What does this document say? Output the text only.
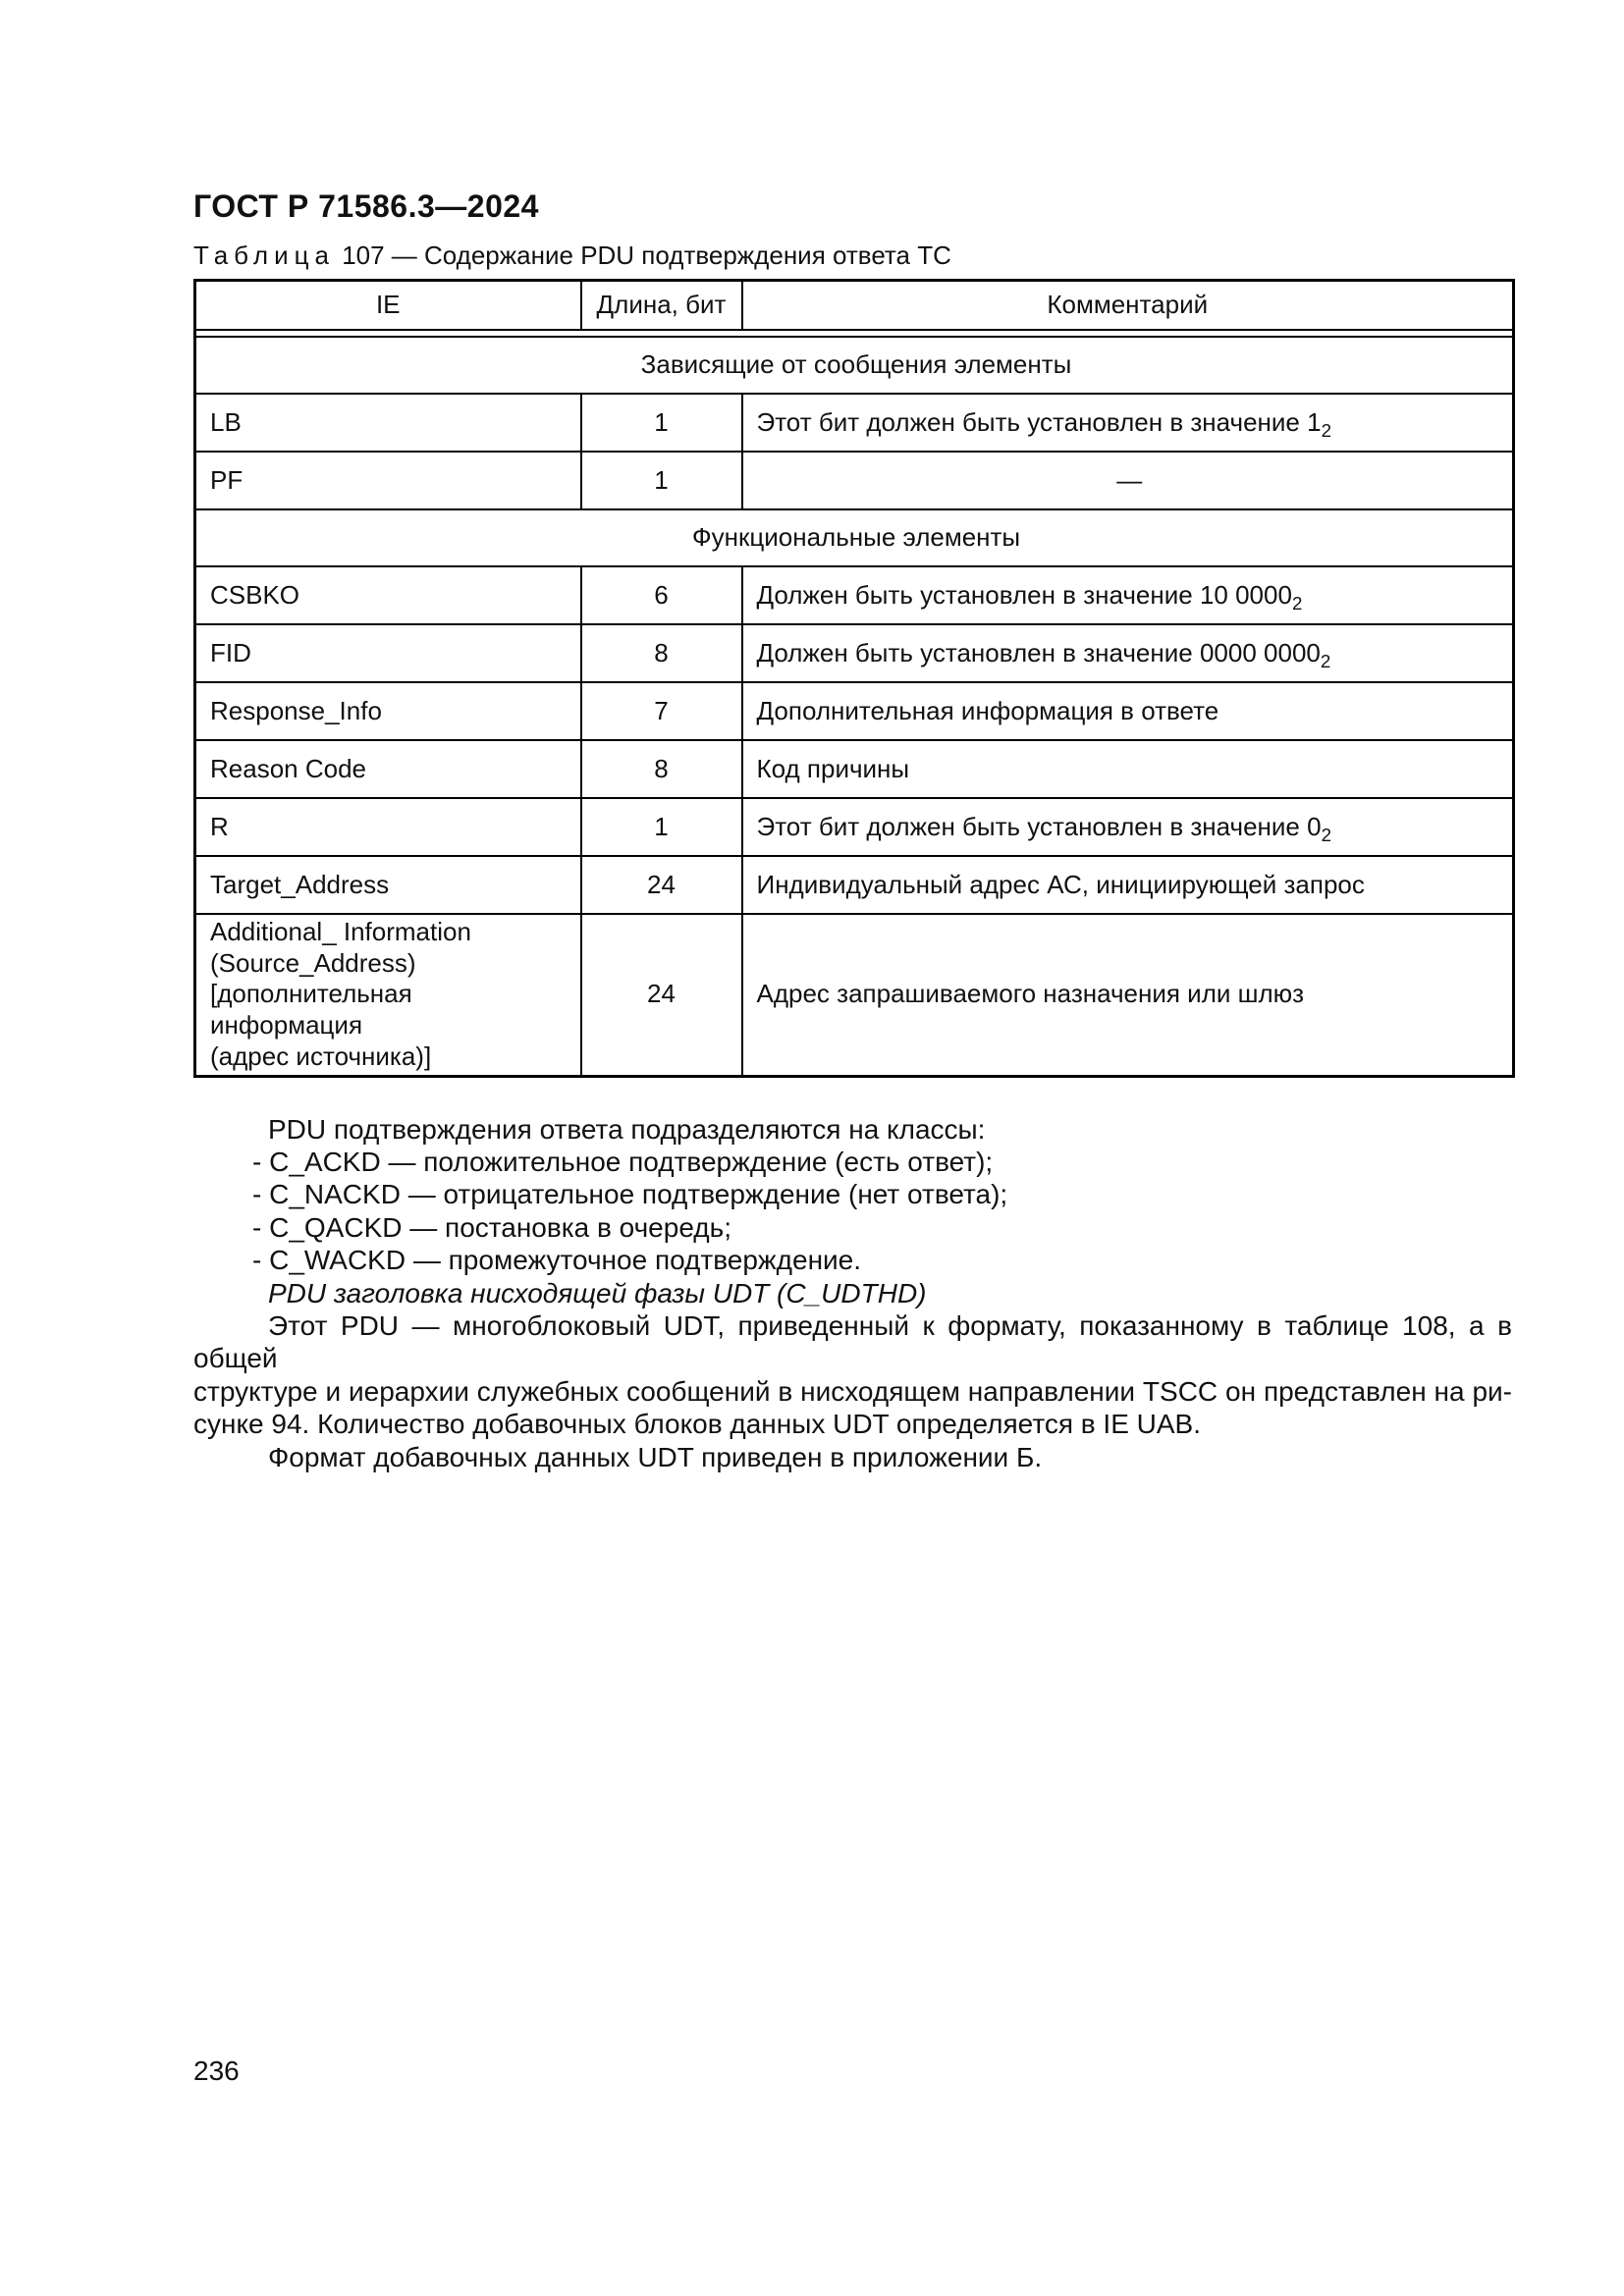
ГОСТ Р 71586.3—2024
Таблица 107 — Содержание PDU подтверждения ответа ТС
IE	Длина, бит	Комментарий

Зависящие от сообщения элементы		
LB	1	Этот бит должен быть установлен в значение $1_2$
PF	1	—
Функциональные элементы		
CSBKO	6	Должен быть установлен в значение 10 $0000_2$
FID	8	Должен быть установлен в значение 0000 $0000_2$
Response_Info	7	Дополнительная информация в ответе
Reason Code	8	Код причины
R	1	Этот бит должен быть установлен в значение $0_2$
Target_Address	24	Индивидуальный адрес АС, инициирующей запрос

Additional_ Information
(Source_Address)
[дополнительная информация
(адрес источника)]	24	Адрес запрашиваемого назначения или шлюз
PDU подтверждения ответа подразделяются на классы:
- C_ACKD — положительное подтверждение (есть ответ);
- C_NACKD — отрицательное подтверждение (нет ответа);
- C_QACKD — постановка в очередь;
- C_WACKD — промежуточное подтверждение.
PDU заголовка нисходящей фазы UDT (C_UDTHD)
Этот PDU — многоблоковый UDT, приведенный к формату, показанному в таблице 108, а в общей
структуре и иерархии служебных сообщений в нисходящем направлении TSCC он представлен на ри-
сунке 94. Количество добавочных блоков данных UDT определяется в IE UAB.
Формат добавочных данных UDT приведен в приложении Б.
236
